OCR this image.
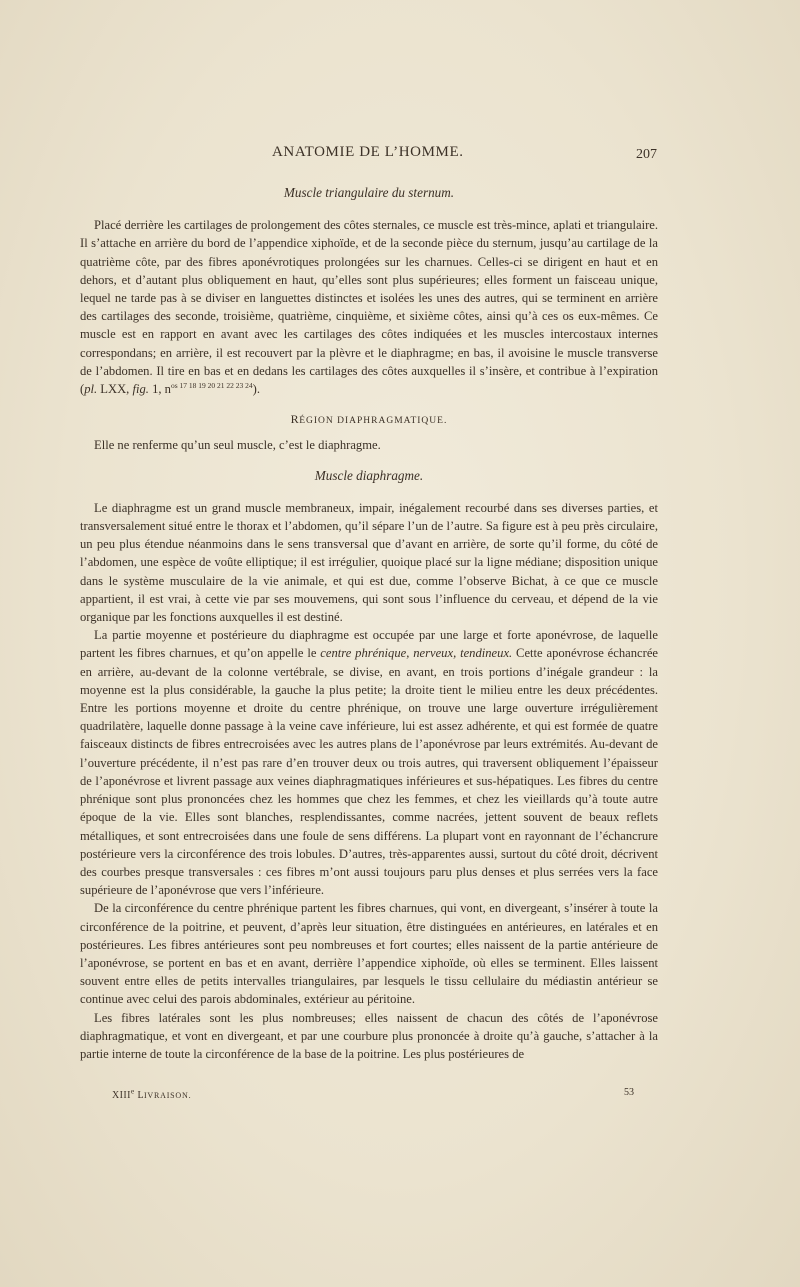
ANATOMIE DE L’HOMME.	207
Muscle triangulaire du sternum.

Placé derrière les cartilages de prolongement des côtes sternales, ce muscle est très-mince, aplati et triangulaire. Il s’attache en arrière du bord de l’appendice xiphoïde, et de la seconde pièce du sternum, jusqu’au cartilage de la quatrième côte, par des fibres aponévrotiques prolongées sur les charnues. Celles-ci se dirigent en haut et en dehors, et d’autant plus obliquement en haut, qu’elles sont plus supérieures; elles forment un faisceau unique, lequel ne tarde pas à se diviser en languettes distinctes et isolées les unes des autres, qui se terminent en arrière des cartilages des seconde, troisième, quatrième, cinquième, et sixième côtes, ainsi qu’à ces os eux-mêmes. Ce muscle est en rapport en avant avec les cartilages des côtes indiquées et les muscles intercostaux internes correspondans; en arrière, il est recouvert par la plèvre et le diaphragme; en bas, il avoisine le muscle transverse de l’abdomen. Il tire en bas et en dedans les cartilages des côtes auxquelles il s’insère, et contribue à l’expiration (pl. LXX, fig. 1, $n^{os 17 18 19 20 21 22 23 24}$).

RÉGION DIAPHRAGMATIQUE.

Elle ne renferme qu’un seul muscle, c’est le diaphragme.

Muscle diaphragme.

Le diaphragme est un grand muscle membraneux, impair, inégalement recourbé dans ses diverses parties, et transversalement situé entre le thorax et l’abdomen, qu’il sépare l’un de l’autre. Sa figure est à peu près circulaire, un peu plus étendue néanmoins dans le sens transversal que d’avant en arrière, de sorte qu’il forme, du côté de l’abdomen, une espèce de voûte elliptique; il est irrégulier, quoique placé sur la ligne médiane; disposition unique dans le système musculaire de la vie animale, et qui est due, comme l’observe Bichat, à ce que ce muscle appartient, il est vrai, à cette vie par ses mouvemens, qui sont sous l’influence du cerveau, et dépend de la vie organique par les fonctions auxquelles il est destiné.

La partie moyenne et postérieure du diaphragme est occupée par une large et forte aponévrose, de laquelle partent les fibres charnues, et qu’on appelle le centre phrénique, nerveux, tendineux. Cette aponévrose échancrée en arrière, au-devant de la colonne vertébrale, se divise, en avant, en trois portions d’inégale grandeur : la moyenne est la plus considérable, la gauche la plus petite; la droite tient le milieu entre les deux précédentes. Entre les portions moyenne et droite du centre phrénique, on trouve une large ouverture irrégulièrement quadrilatère, laquelle donne passage à la veine cave inférieure, lui est assez adhérente, et qui est formée de quatre faisceaux distincts de fibres entrecroisées avec les autres plans de l’aponévrose par leurs extrémités. Au-devant de l’ouverture précédente, il n’est pas rare d’en trouver deux ou trois autres, qui traversent obliquement l’épaisseur de l’aponévrose et livrent passage aux veines diaphragmatiques inférieures et sus-hépatiques. Les fibres du centre phrénique sont plus prononcées chez les hommes que chez les femmes, et chez les vieillards qu’à toute autre époque de la vie. Elles sont blanches, resplendissantes, comme nacrées, jettent souvent de beaux reflets métalliques, et sont entrecroisées dans une foule de sens différens. La plupart vont en rayonnant de l’échancrure postérieure vers la circonférence des trois lobules. D’autres, très-apparentes aussi, surtout du côté droit, décrivent des courbes presque transversales : ces fibres m’ont aussi toujours paru plus denses et plus serrées vers la face supérieure de l’aponévrose que vers l’inférieure.

De la circonférence du centre phrénique partent les fibres charnues, qui vont, en divergeant, s’insérer à toute la circonférence de la poitrine, et peuvent, d’après leur situation, être distinguées en antérieures, en latérales et en postérieures. Les fibres antérieures sont peu nombreuses et fort courtes; elles naissent de la partie antérieure de l’aponévrose, se portent en bas et en avant, derrière l’appendice xiphoïde, où elles se terminent. Elles laissent souvent entre elles de petits intervalles triangulaires, par lesquels le tissu cellulaire du médiastin antérieur se continue avec celui des parois abdominales, extérieur au péritoine.

Les fibres latérales sont les plus nombreuses; elles naissent de chacun des côtés de l’aponévrose diaphragmatique, et vont en divergeant, et par une courbure plus prononcée à droite qu’à gauche, s’attacher à la partie interne de toute la circonférence de la base de la poitrine. Les plus postérieures de

XIIIe LIVRAISON.	53
